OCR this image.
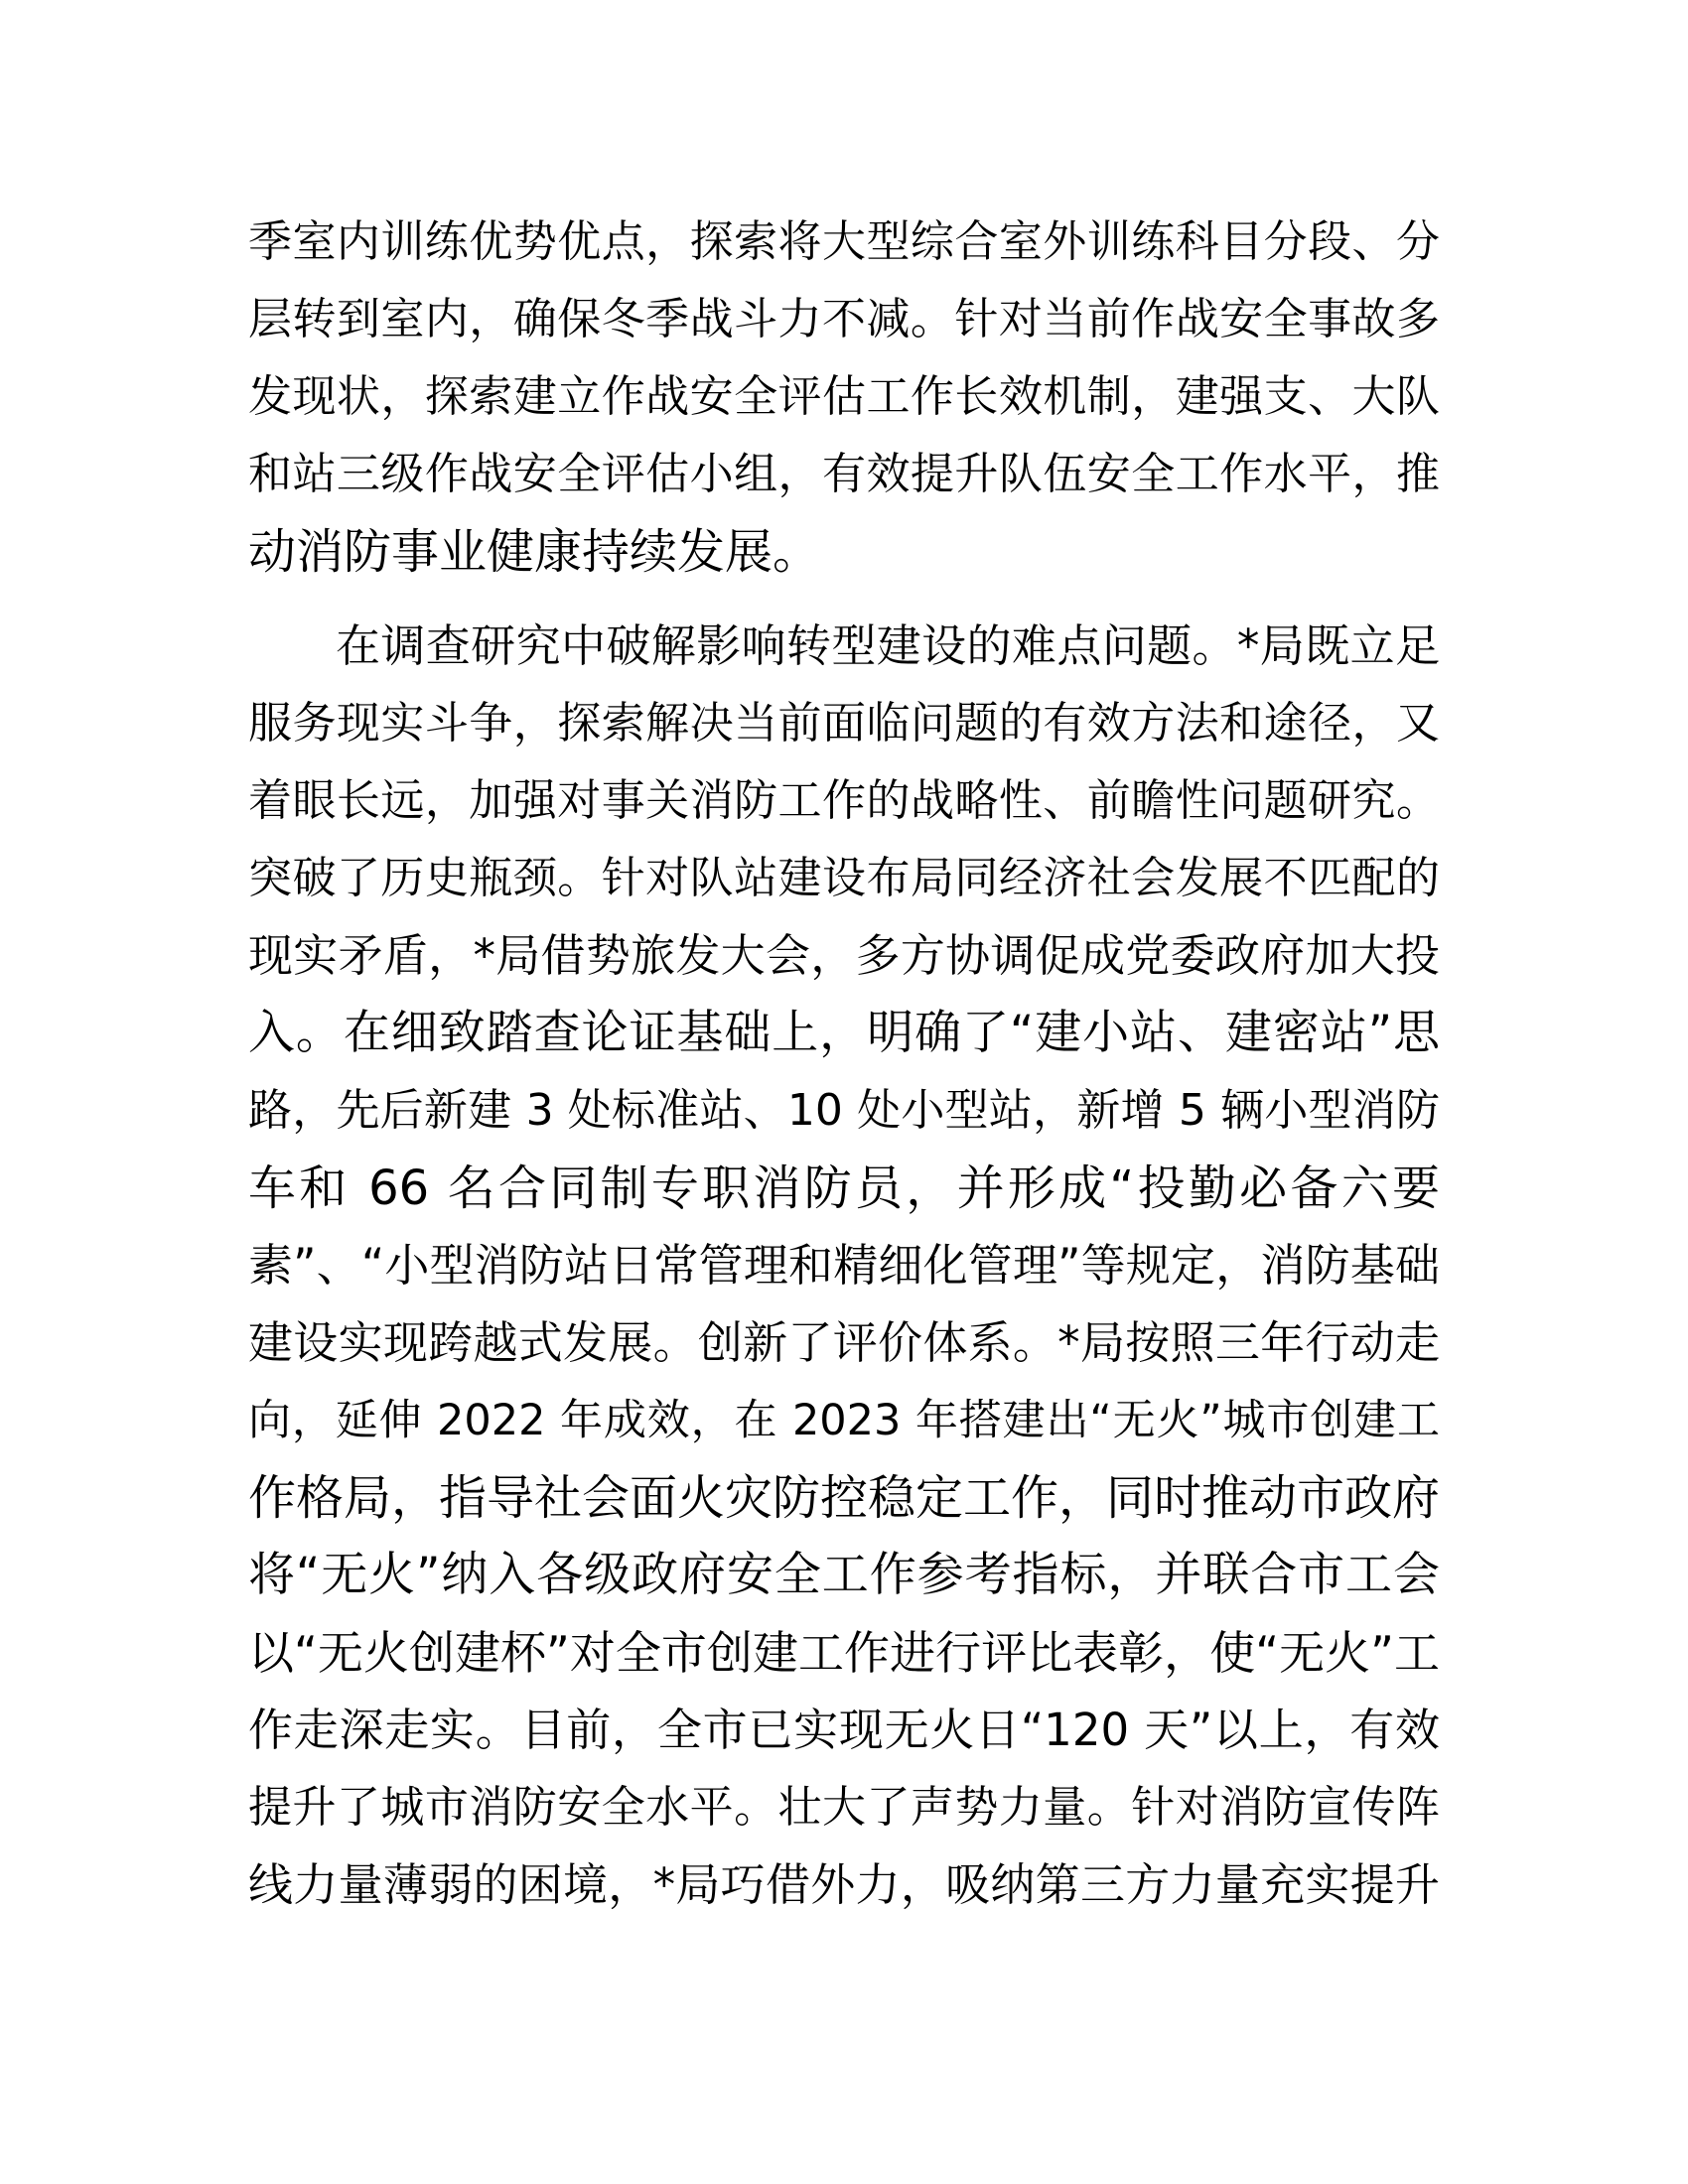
季室内训练优势优点，探索将大型综合室外训练科目分段、分
层转到室内，确保冬季战斗力不减。针对当前作战安全事故多
发现状，探索建立作战安全评估工作长效机制，建强支、大队
和站三级作战安全评估小组，有效提升队伍安全工作水平，推
动消防事业健康持续发展。
在调查研究中破解影响转型建设的难点问题。*局既立足
服务现实斗争，探索解决当前面临问题的有效方法和途径，又
着眼长远，加强对事关消防工作的战略性、前瞻性问题研究。
突破了历史瓶颈。针对队站建设布局同经济社会发展不匹配的
现实矛盾，*局借势旅发大会，多方协调促成党委政府加大投
入。在细致踏查论证基础上，明确了“建小站、建密站”思
路，先后新建 3 处标准站、10 处小型站，新增 5 辆小型消防
车和 66 名合同制专职消防员，并形成“投勤必备六要
素”、“小型消防站日常管理和精细化管理”等规定，消防基础
建设实现跨越式发展。创新了评价体系。*局按照三年行动走
向，延伸 2022 年成效，在 2023 年搭建出“无火”城市创建工
作格局，指导社会面火灾防控稳定工作，同时推动市政府
将“无火”纳入各级政府安全工作参考指标，并联合市工会
以“无火创建杯”对全市创建工作进行评比表彰，使“无火”工
作走深走实。目前，全市已实现无火日“120 天”以上，有效
提升了城市消防安全水平。壮大了声势力量。针对消防宣传阵
线力量薄弱的困境，*局巧借外力，吸纳第三方力量充实提升
